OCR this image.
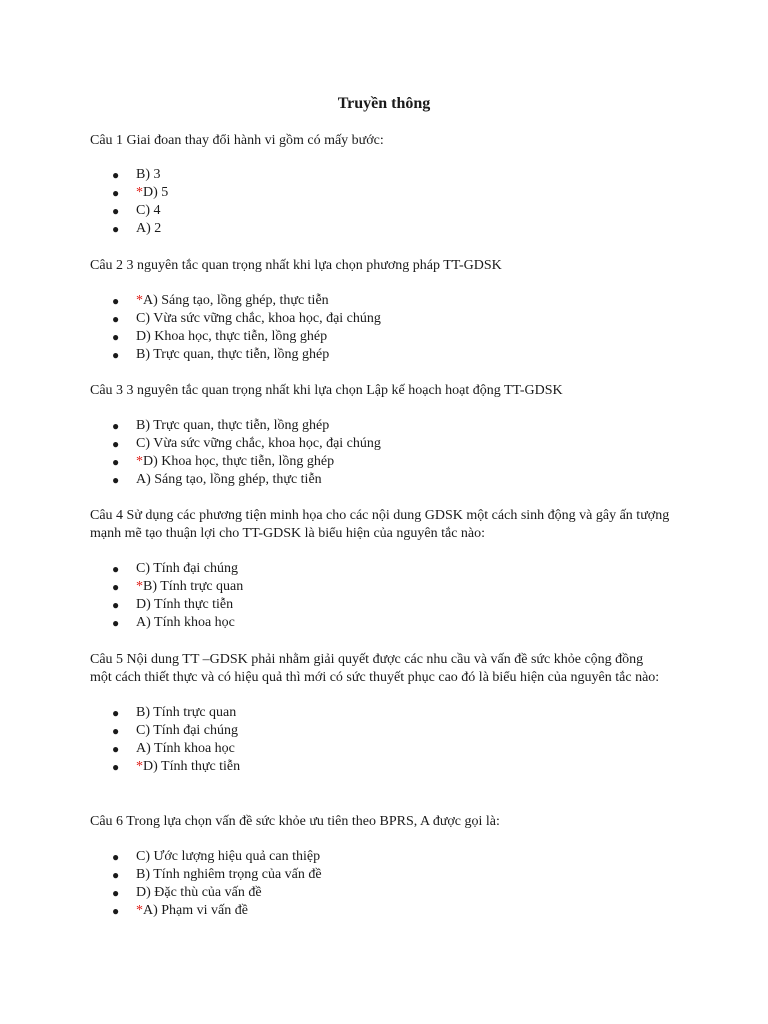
Truyền thông

Câu 1 Giai đoan thay đổi hành vi gồm có mấy bước:

● B) 3
● *D) 5
● C) 4
● A) 2

Câu 2 3 nguyên tắc quan trọng nhất khi lựa chọn phương pháp TT-GDSK

● *A) Sáng tạo, lồng ghép, thực tiễn
● C) Vừa sức vững chắc, khoa học, đại chúng
● D) Khoa học, thực tiễn, lồng ghép
● B) Trực quan, thực tiễn, lồng ghép

Câu 3 3 nguyên tắc quan trọng nhất khi lựa chọn Lập kế hoạch hoạt động TT-GDSK

● B) Trực quan, thực tiễn, lồng ghép
● C) Vừa sức vững chắc, khoa học, đại chúng
● *D) Khoa học, thực tiễn, lồng ghép
● A) Sáng tạo, lồng ghép, thực tiễn

Câu 4 Sử dụng các phương tiện minh họa cho các nội dung GDSK một cách sinh động và gây ấn tượng mạnh mẽ tạo thuận lợi cho TT-GDSK là biểu hiện của nguyên tắc nào:

● C) Tính đại chúng
● *B) Tính trực quan
● D) Tính thực tiễn
● A) Tính khoa học

Câu 5 Nội dung TT –GDSK phải nhằm giải quyết được các nhu cầu và vấn đề sức khỏe cộng đồng một cách thiết thực và có hiệu quả thì mới có sức thuyết phục cao đó là biểu hiện của nguyên tắc nào:

● B) Tính trực quan
● C) Tính đại chúng
● A) Tính khoa học
● *D) Tính thực tiễn

Câu 6 Trong lựa chọn vấn đề sức khỏe ưu tiên theo BPRS, A được gọi là:

● C) Ước lượng hiệu quả can thiệp
● B) Tính nghiêm trọng của vấn đề
● D) Đặc thù của vấn đề
● *A) Phạm vi vấn đề
